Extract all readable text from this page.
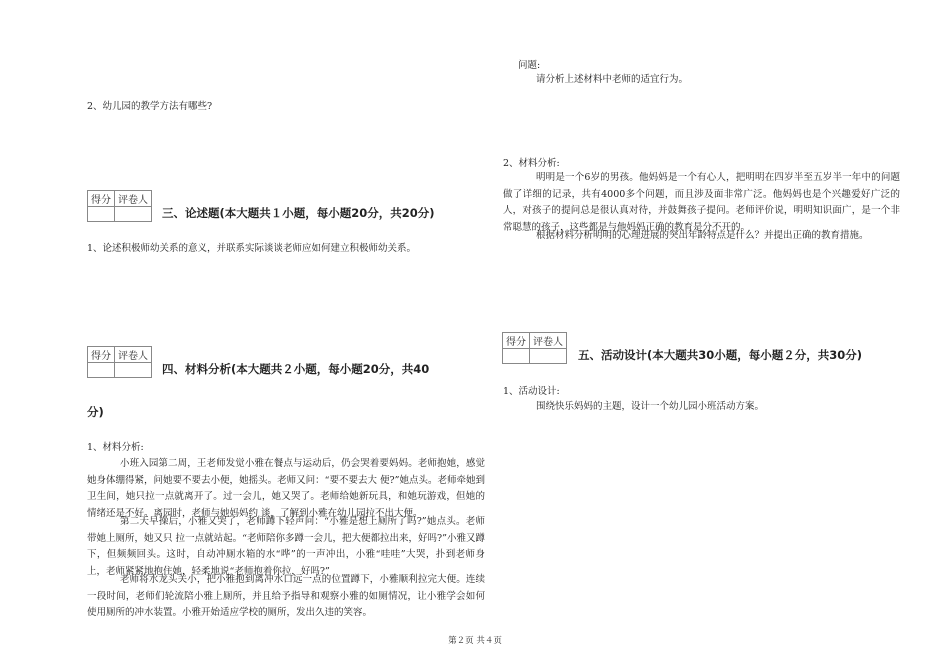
2、幼儿园的教学方法有哪些?
得分	评卷人

三、论述题(本大题共１小题，每小题20分，共20分)
1、论述积极师幼关系的意义，并联系实际谈谈老师应如何建立积极师幼关系。
得分	评卷人

四、材料分析(本大题共２小题，每小题20分，共40
分)
1、材料分析:
小班入园第二周，王老师发觉小雅在餐点与运动后，仍会哭着要妈妈。老师抱她，感觉她身体绷得紧，问她要不要去小便，她摇头。老师又问：“要不要去大 便?”她点头。老师牵她到卫生间，她只拉一点就离开了。过一会儿，她又哭了。老师给她新玩具，和她玩游戏，但她的情绪还是不好。离园时，老师与她妈妈约 谈，了解到小雅在幼儿园拉不出大便。
第二天早操后，小雅又哭了，老师蹲下轻声问：“小雅是想上厕所了吗?”她点头。老师带她上厕所，她又只 拉一点就站起。“老师陪你多蹲一会儿，把大便都拉出来，好吗?”小雅又蹲下，但频频回头。这时，自动冲厕水箱的水“哗”的一声冲出，小雅“哇哇”大哭，扑到老师身上，老师紧紧地抱住她，轻柔地说“老师抱着你拉，好吗?”
老师将水龙头关小，把小雅抱到离冲水口远一点的位置蹲下，小雅顺利拉完大便。连续一段时间，老师们轮流陪小雅上厕所，并且给予指导和观察小雅的如厕情况，让小雅学会如何使用厕所的冲水装置。小雅开始适应学校的厕所，发出久违的笑容。
问题:
请分析上述材料中老师的适宜行为。
2、材料分析:
明明是一个6岁的男孩。他妈妈是一个有心人，把明明在四岁半至五岁半一年中的问题做了详细的记录，共有4000多个问题，而且涉及面非常广泛。他妈妈也是个兴趣爱好广泛的人，对孩子的提问总是很认真对待，并鼓舞孩子提问。老师评价说，明明知识面广，是一个非常聪慧的孩子，这些都是与他妈妈正确的教育是分不开的。
根据材料分析明明的心理进展的突出年龄特点是什么？并提出正确的教育措施。
得分	评卷人

五、活动设计(本大题共30小题，每小题２分，共30分)
1、活动设计:
围绕快乐妈妈的主题，设计一个幼儿园小班活动方案。
第２页 共４页
